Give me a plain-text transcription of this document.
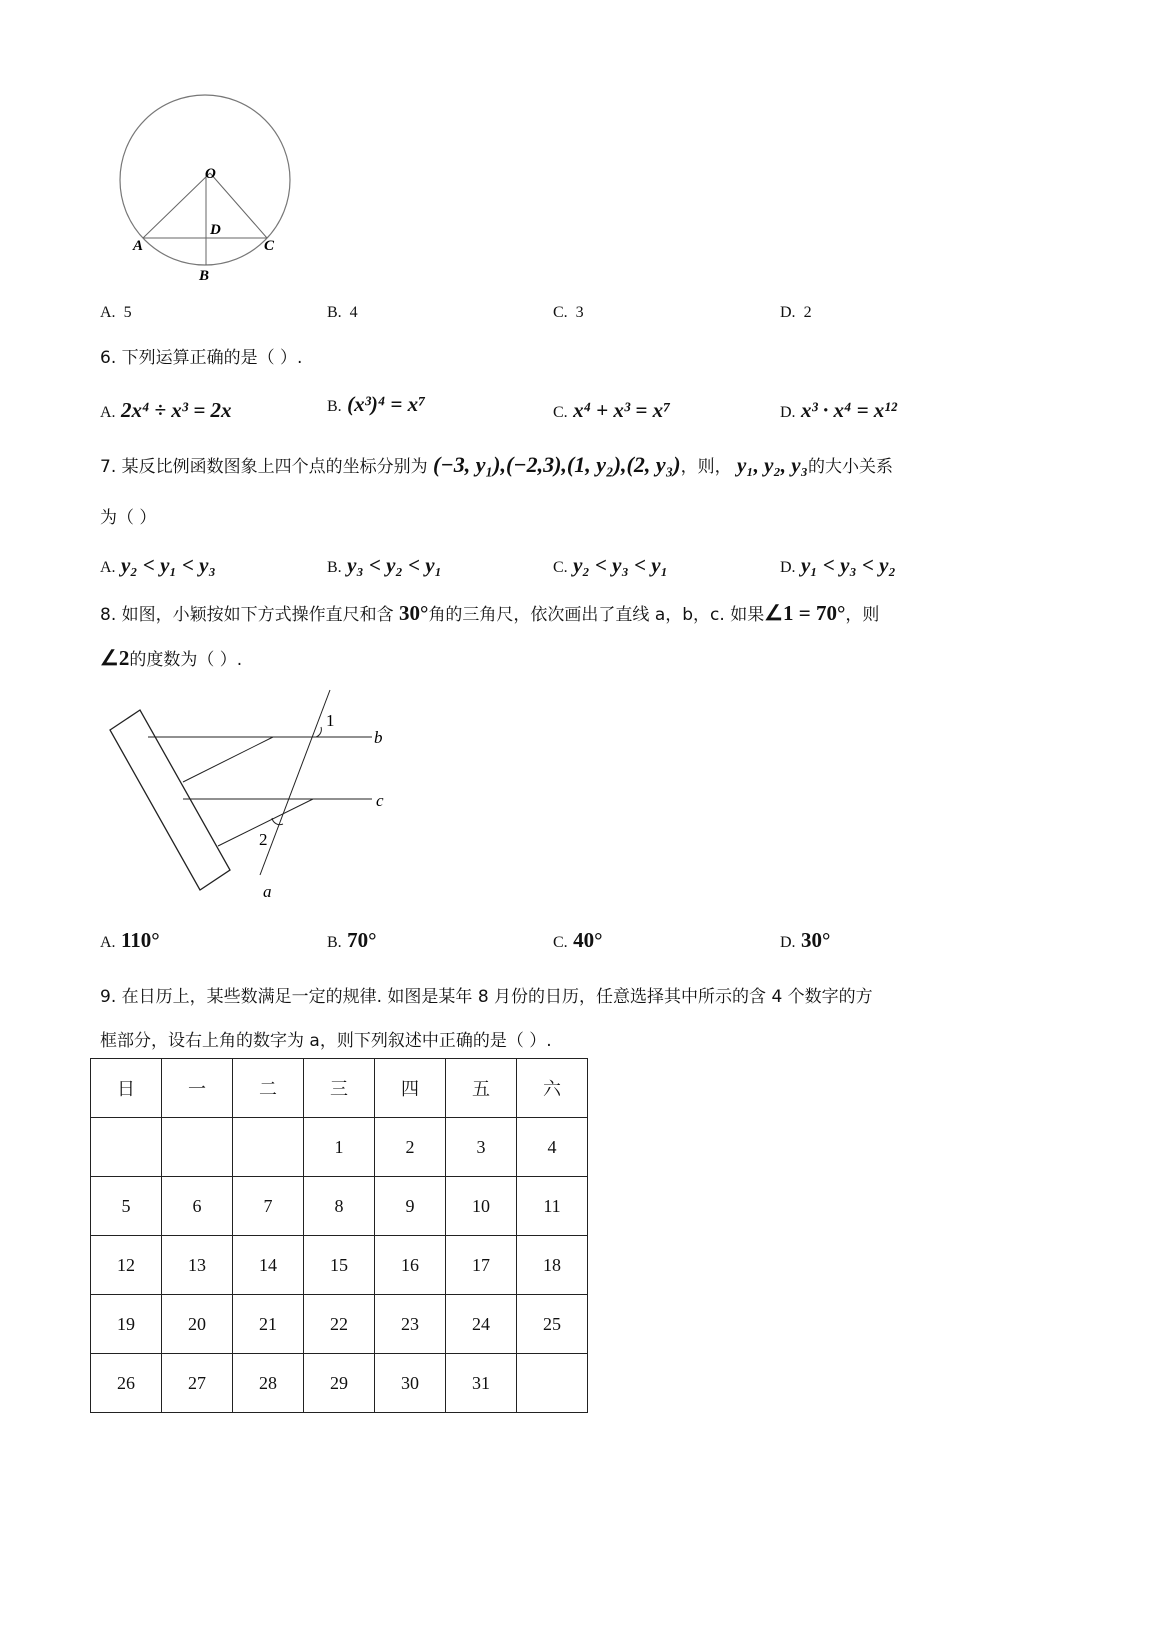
O
D
A	C
B
A. 5	B. 4	C. 3	D. 2
6. 下列运算正确的是（ ）.
A. 2x⁴ ÷ x³ = 2x	B. (x³)⁴ = x⁷	C. x⁴ + x³ = x⁷	D. x³ · x⁴ = x¹²
7. 某反比例函数图象上四个点的坐标分别为 (−3, y₁),(−2,3),(1, y₂),(2, y₃)，则， y₁, y₂, y₃的大小关系
为（ ）
A. y₂ < y₁ < y₃	B. y₃ < y₂ < y₁	C. y₂ < y₃ < y₁	D. y₁ < y₃ < y₂
8. 如图，小颖按如下方式操作直尺和含 30°角的三角尺，依次画出了直线 a，b，c. 如果∠1 = 70°，则
∠2的度数为（ ）.
1
b
c
2
a
A. 110°	B. 70°	C. 40°	D. 30°
9. 在日历上，某些数满足一定的规律. 如图是某年 8 月份的日历，任意选择其中所示的含 4 个数字的方
框部分，设右上角的数字为 a，则下列叙述中正确的是（ ）.
日	一	二	三	四	五	六
			1	2	3	4
5	6	7	8	9	10	11
12	13	14	15	16	17	18
19	20	21	22	23	24	25
26	27	28	29	30	31	
